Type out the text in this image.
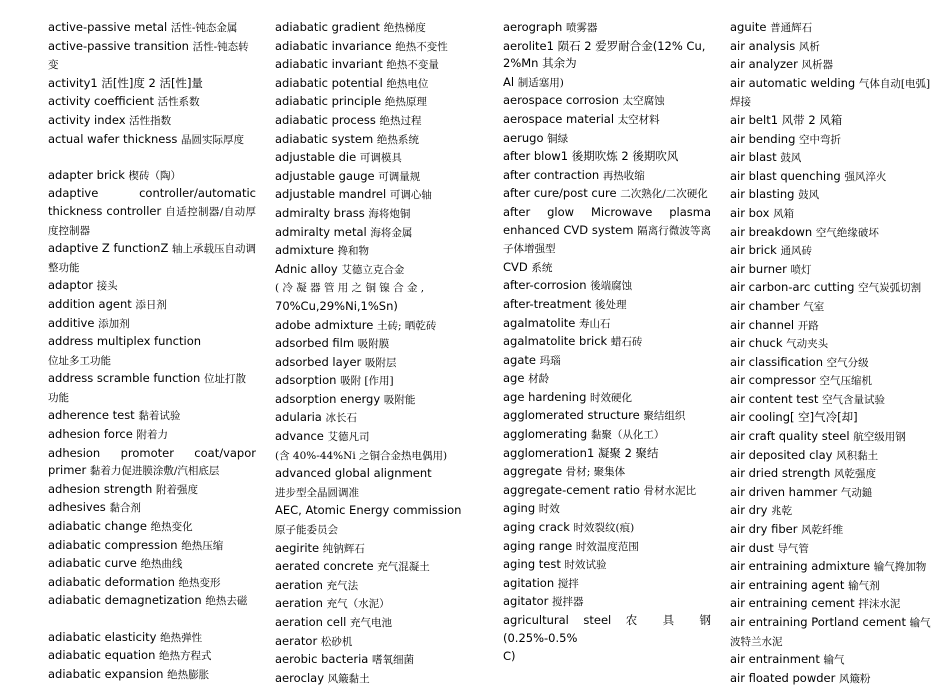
active-passive metal 活性-钝态金属

active-passive transition 活性-钝态转变

activity1 活[性]度 2 活[性]量

activity coefficient 活性系数

activity index 活性指数

actual wafer thickness 晶圆实际厚度

adapter brick 楔砖（陶）

adaptive controller/automatic thickness controller 自适控制器/自动厚度控制器

adaptive Z functionZ 轴上承载压自动调整功能

adaptor 接头

addition agent 添日剂

additive 添加剂

address multiplex function

位址多工功能

address scramble function 位址打散功能

adherence test 黏着试验

adhesion force 附着力

adhesion promoter coat/vapor primer 黏着力促进膜涂敷/汽相底层

adhesion strength 附着强度

adhesives 黏合剂

adiabatic change 绝热变化

adiabatic compression 绝热压缩

adiabatic curve 绝热曲线

adiabatic deformation 绝热变形

adiabatic demagnetization 绝热去磁

adiabatic elasticity 绝热弹性

adiabatic equation 绝热方程式

adiabatic expansion 绝热膨胀

adiabatic gradient 绝热梯度

adiabatic invariance 绝热不变性

adiabatic invariant 绝热不变量

adiabatic potential 绝热电位

adiabatic principle 绝热原理

adiabatic process 绝热过程

adiabatic system 绝热系统

adjustable die 可调模具

adjustable gauge 可调量规

adjustable mandrel 可调心轴

admiralty brass 海将炮铜

admiralty metal 海将金属

admixture 搀和物

Adnic alloy 艾德立克合金

( 冷 凝 器 管 用 之 铜 镍 合 金 ,

70%Cu,29%Ni,1%Sn)

adobe admixture 土砖; 晒乾砖

adsorbed film 吸附膜

adsorbed layer 吸附层

adsorption 吸附 [作用]

adsorption energy 吸附能

adularia 冰长石

advance 艾德凡司

(含 40%-44%Ni 之铜合金热电偶用)

advanced global alignment

进步型全晶圆调准

AEC, Atomic Energy commission

原子能委员会

aegirite 纯钠辉石

aerated concrete 充气混凝土

aeration 充气法

aeration 充气（水泥）

aeration cell 充气电池

aerator 松砂机

aerobic bacteria 嗜氧细菌

aeroclay 风簸黏土

aerograph 喷雾器

aerolite1 陨石 2 爱罗耐合金(12% Cu, 2%Mn 其余为

Al 制适塞用)

aerospace corrosion 太空腐蚀

aerospace material 太空材料

aerugo 铜绿

after blow1 後期吹炼 2 後期吹风

after contraction 再热收缩

after cure/post cure 二次熟化/二次硬化

after glow Microwave plasma enhanced CVD system 隔离行微波等离子体增强型

CVD 系统

after-corrosion 後端腐蚀

after-treatment 後处理

agalmatolite 寿山石

agalmatolite brick 蜡石砖

agate 玛瑙

age 材龄

age hardening 时效硬化

agglomerated structure 聚结组织

agglomerating 黏聚（从化工）

agglomeration1 凝聚 2 聚结

aggregate 骨材; 聚集体

aggregate-cement ratio 骨材水泥比

aging 时效

aging crack 时效裂纹(痕)

aging range 时效温度范围

aging test 时效试验

agitation 搅拌

agitator 搅拌器

agricultural steel 农 具 钢 (0.25%-0.5%

C)

aguite 普通辉石

air analysis 风析

air analyzer 风析器

air automatic welding 气体自动[电弧]焊接

air belt1 风带 2 风箱

air bending 空中弯折

air blast 鼓风

air blast quenching 强风淬火

air blasting 鼓风

air box 风箱

air breakdown 空气绝缘破坏

air brick 通风砖

air burner 喷灯

air carbon-arc cutting 空气炭弧切割

air chamber 气室

air channel 开路

air chuck 气动夹头

air classification 空气分级

air compressor 空气压缩机

air content test 空气含量试验

air cooling[ 空]气冷[却]

air craft quality steel 航空级用钢

air deposited clay 风积黏土

air dried strength 风乾强度

air driven hammer 气动鎚

air dry 兆乾

air dry fiber 风乾纤维

air dust 导气管

air entraining admixture 输气搀加物

air entraining agent 输气剂

air entraining cement 拌沫水泥

air entraining Portland cement 输气波特兰水泥

air entrainment 输气

air floated powder 风簸粉
